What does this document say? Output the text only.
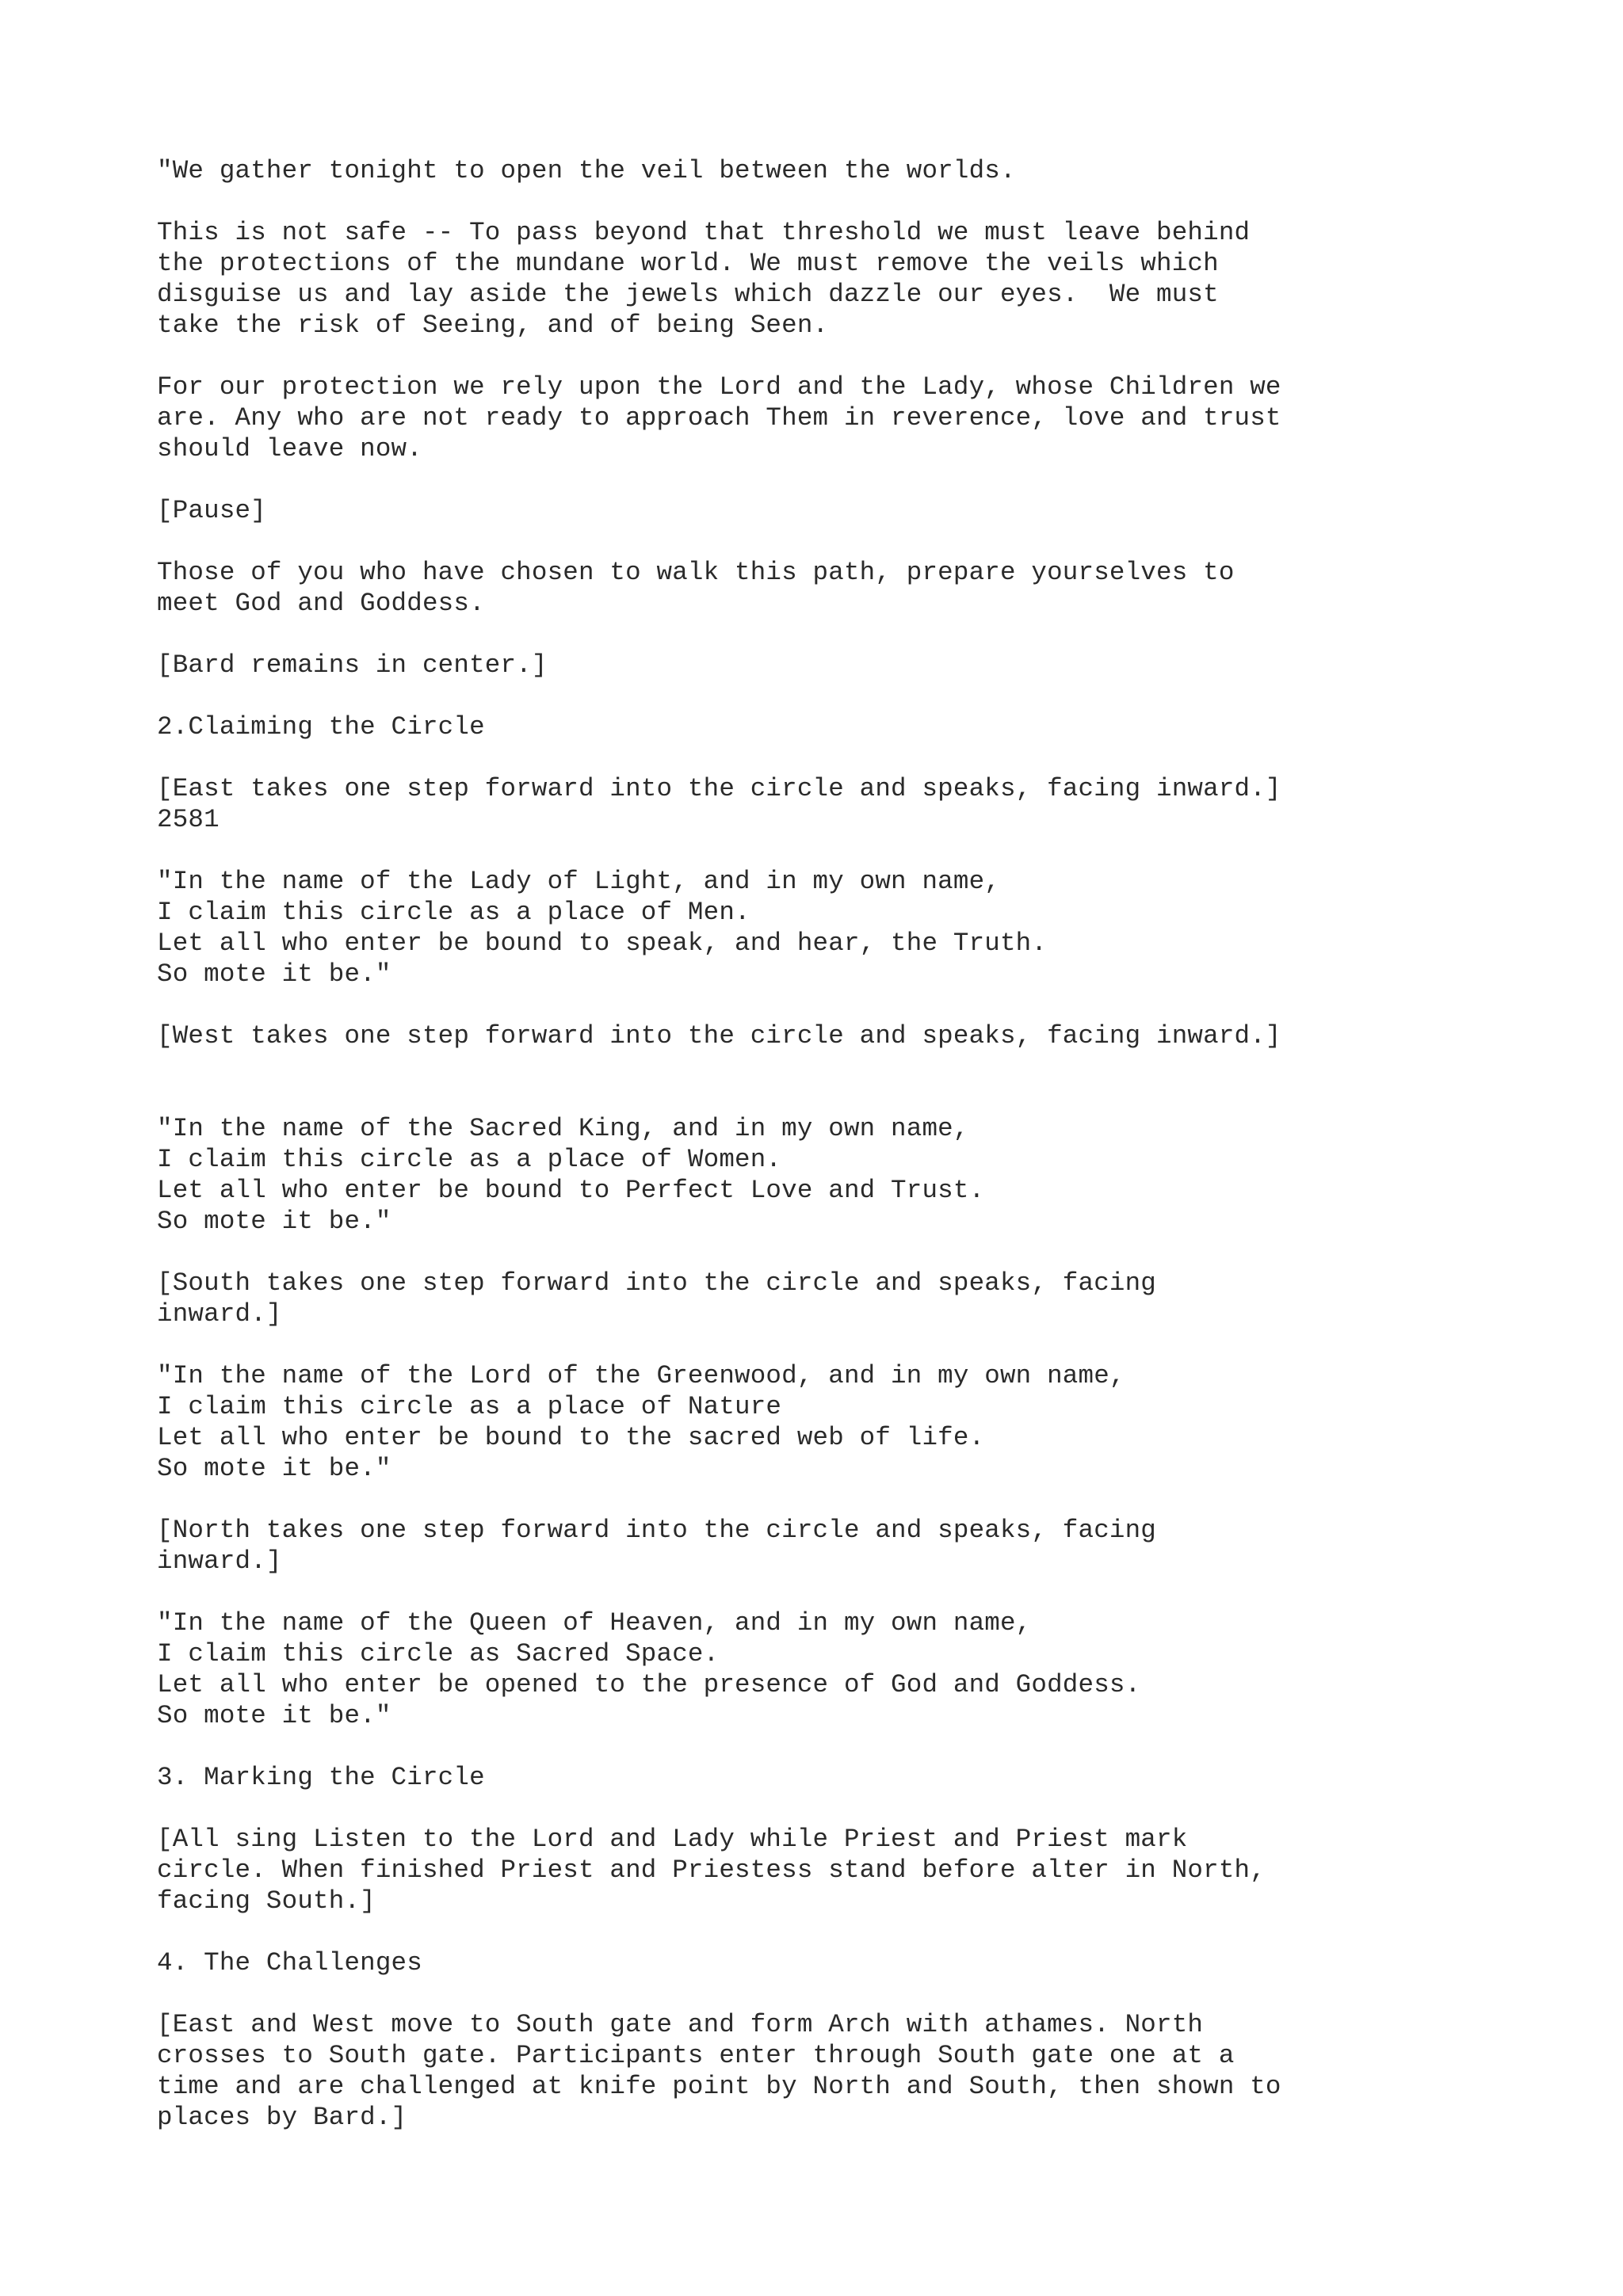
"We gather tonight to open the veil between the worlds.

This is not safe -- To pass beyond that threshold we must leave behind
the protections of the mundane world. We must remove the veils which
disguise us and lay aside the jewels which dazzle our eyes.  We must
take the risk of Seeing, and of being Seen.

For our protection we rely upon the Lord and the Lady, whose Children we
are. Any who are not ready to approach Them in reverence, love and trust
should leave now.

[Pause]

Those of you who have chosen to walk this path, prepare yourselves to
meet God and Goddess.

[Bard remains in center.]

2.Claiming the Circle

[East takes one step forward into the circle and speaks, facing inward.]
2581

"In the name of the Lady of Light, and in my own name,
I claim this circle as a place of Men.
Let all who enter be bound to speak, and hear, the Truth.
So mote it be."

[West takes one step forward into the circle and speaks, facing inward.]

"In the name of the Sacred King, and in my own name,
I claim this circle as a place of Women.
Let all who enter be bound to Perfect Love and Trust.
So mote it be."

[South takes one step forward into the circle and speaks, facing
inward.]

"In the name of the Lord of the Greenwood, and in my own name,
I claim this circle as a place of Nature
Let all who enter be bound to the sacred web of life.
So mote it be."

[North takes one step forward into the circle and speaks, facing
inward.]

"In the name of the Queen of Heaven, and in my own name,
I claim this circle as Sacred Space.
Let all who enter be opened to the presence of God and Goddess.
So mote it be."

3. Marking the Circle

[All sing Listen to the Lord and Lady while Priest and Priest mark
circle. When finished Priest and Priestess stand before alter in North,
facing South.]

4. The Challenges

[East and West move to South gate and form Arch with athames. North
crosses to South gate. Participants enter through South gate one at a
time and are challenged at knife point by North and South, then shown to
places by Bard.]
